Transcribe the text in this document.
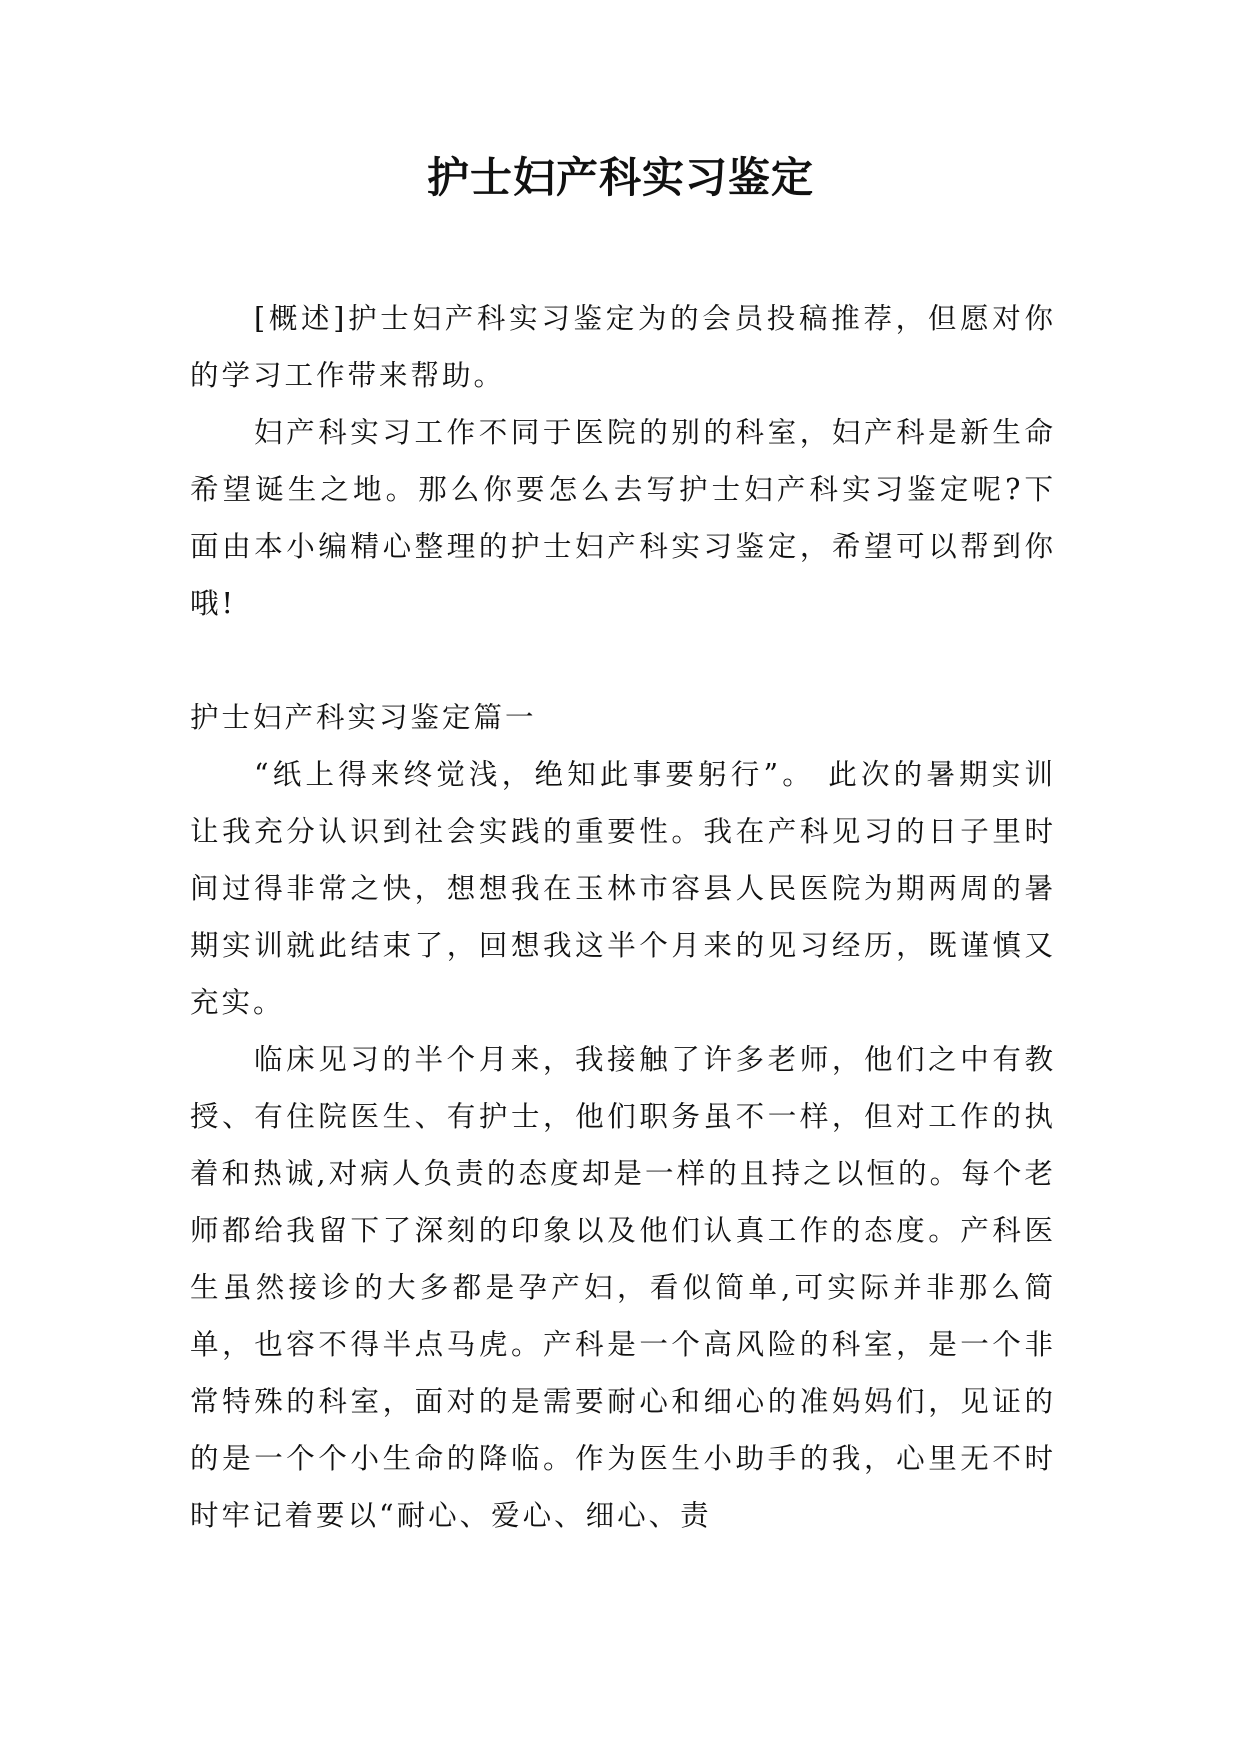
护士妇产科实习鉴定

[概述]护士妇产科实习鉴定为的会员投稿推荐，但愿对你的学习工作带来帮助。

妇产科实习工作不同于医院的别的科室，妇产科是新生命希望诞生之地。那么你要怎么去写护士妇产科实习鉴定呢?下面由本小编精心整理的护士妇产科实习鉴定，希望可以帮到你哦!

护士妇产科实习鉴定篇一

“纸上得来终觉浅，绝知此事要躬行”。 此次的暑期实训让我充分认识到社会实践的重要性。我在产科见习的日子里时间过得非常之快，想想我在玉林市容县人民医院为期两周的暑期实训就此结束了，回想我这半个月来的见习经历，既谨慎又充实。

临床见习的半个月来，我接触了许多老师，他们之中有教授、有住院医生、有护士，他们职务虽不一样，但对工作的执着和热诚,对病人负责的态度却是一样的且持之以恒的。每个老师都给我留下了深刻的印象以及他们认真工作的态度。产科医生虽然接诊的大多都是孕产妇，看似简单,可实际并非那么简单，也容不得半点马虎。产科是一个高风险的科室，是一个非常特殊的科室，面对的是需要耐心和细心的准妈妈们，见证的的是一个个小生命的降临。作为医生小助手的我，心里无不时时牢记着要以“耐心、爱心、细心、责
